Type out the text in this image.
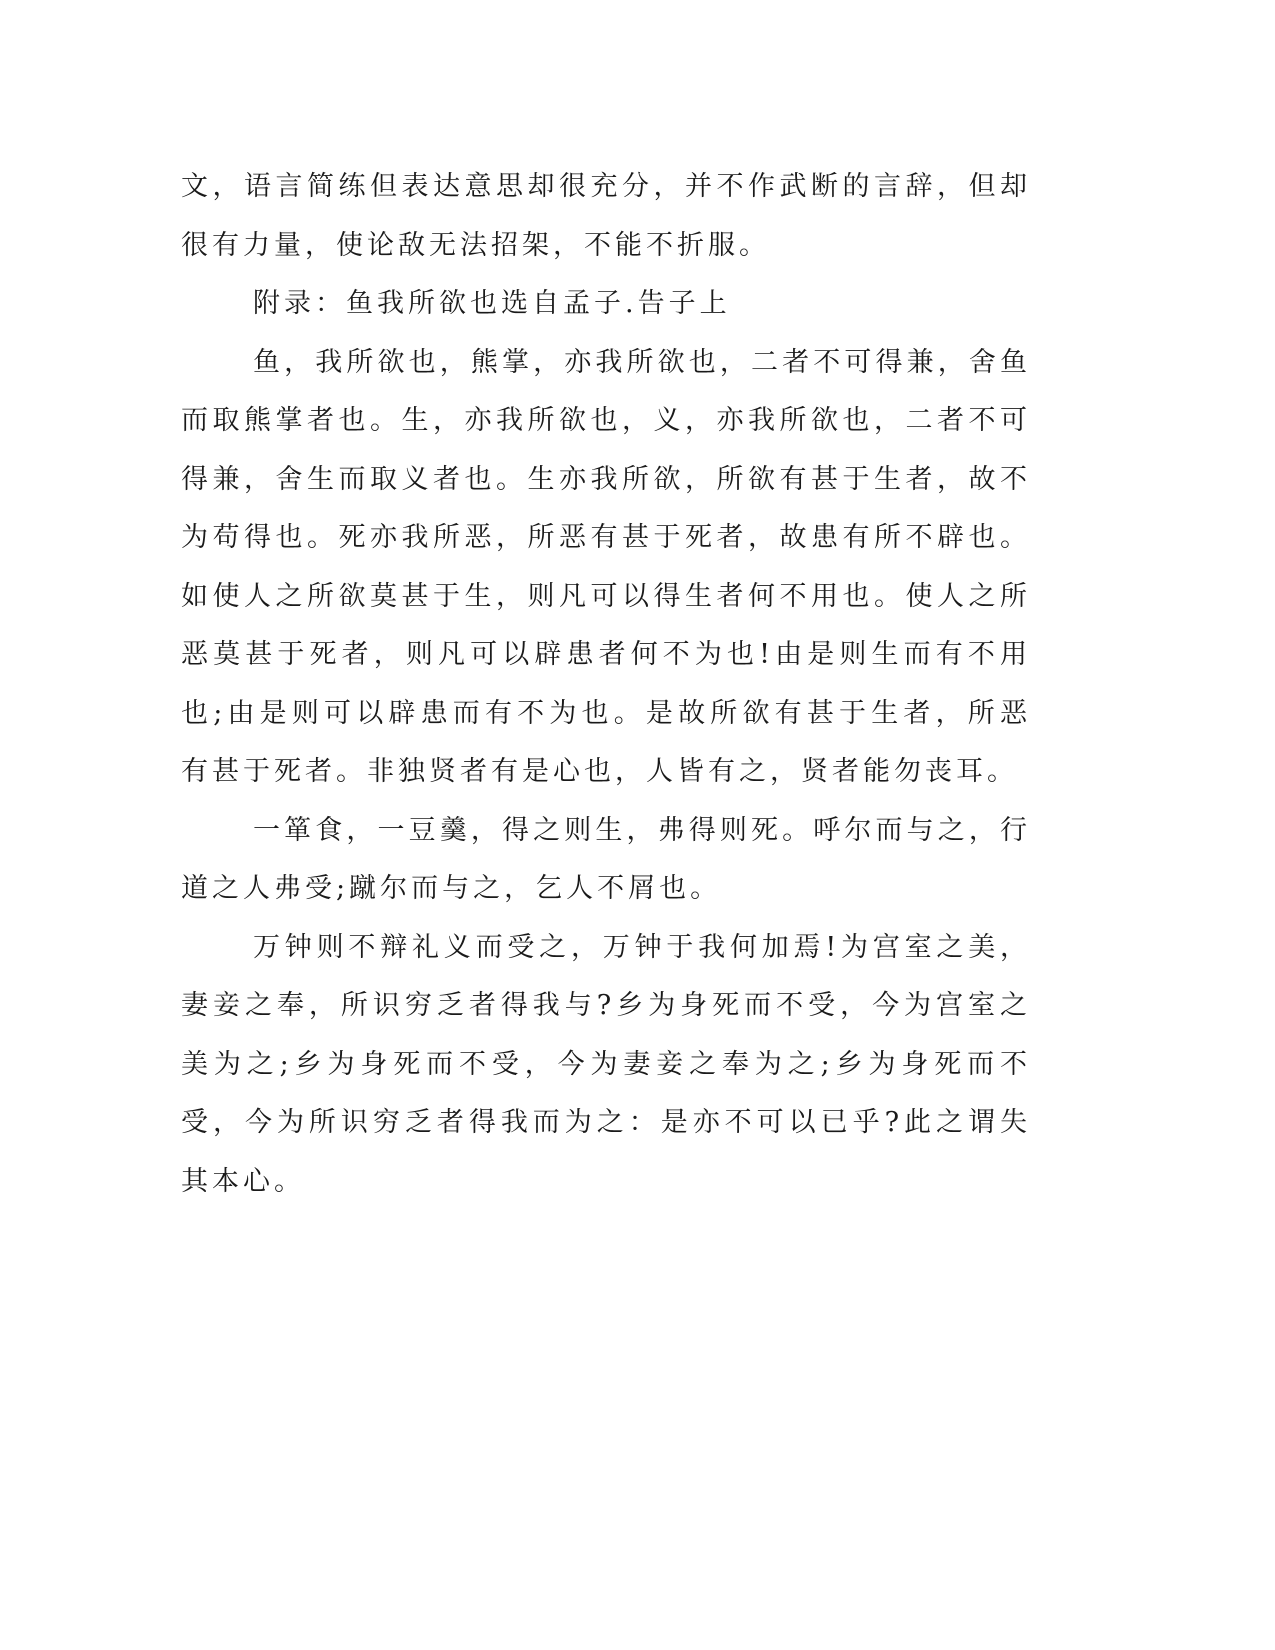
文，语言简练但表达意思却很充分，并不作武断的言辞，但却很有力量，使论敌无法招架，不能不折服。

附录：鱼我所欲也选自孟子.告子上

鱼，我所欲也，熊掌，亦我所欲也，二者不可得兼，舍鱼而取熊掌者也。生，亦我所欲也，义，亦我所欲也，二者不可得兼，舍生而取义者也。生亦我所欲，所欲有甚于生者，故不为苟得也。死亦我所恶，所恶有甚于死者，故患有所不辟也。如使人之所欲莫甚于生，则凡可以得生者何不用也。使人之所恶莫甚于死者，则凡可以辟患者何不为也!由是则生而有不用也;由是则可以辟患而有不为也。是故所欲有甚于生者，所恶有甚于死者。非独贤者有是心也，人皆有之，贤者能勿丧耳。

一箪食，一豆羹，得之则生，弗得则死。呼尔而与之，行道之人弗受;蹴尔而与之，乞人不屑也。

万钟则不辩礼义而受之，万钟于我何加焉!为宫室之美，妻妾之奉，所识穷乏者得我与?乡为身死而不受，今为宫室之美为之;乡为身死而不受，今为妻妾之奉为之;乡为身死而不受，今为所识穷乏者得我而为之：是亦不可以已乎?此之谓失其本心。
